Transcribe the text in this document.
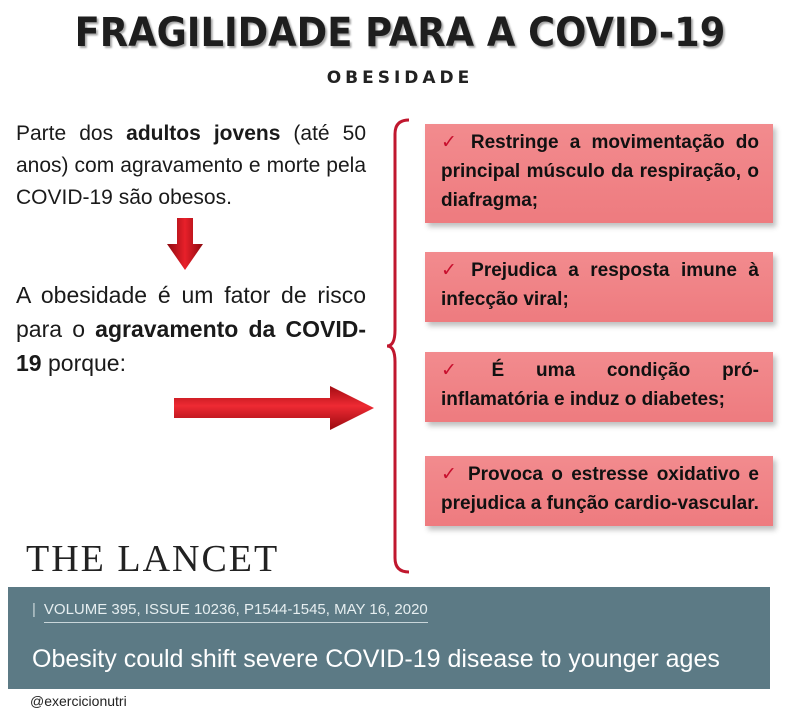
FRAGILIDADE PARA A COVID-19
OBESIDADE
Parte dos adultos jovens (até 50 anos) com agravamento e morte pela COVID-19 são obesos.
A obesidade é um fator de risco para o agravamento da COVID-19 porque:
✓ Restringe a movimentação do principal músculo da respiração, o diafragma;
✓ Prejudica a resposta imune à infecção viral;
✓ É uma condição pró-inflamatória e induz o diabetes;
✓ Provoca o estresse oxidativo e prejudica a função cardio-vascular.
THE LANCET
| VOLUME 395, ISSUE 10236, P1544-1545, MAY 16, 2020
Obesity could shift severe COVID-19 disease to younger ages
@exercicionutri
